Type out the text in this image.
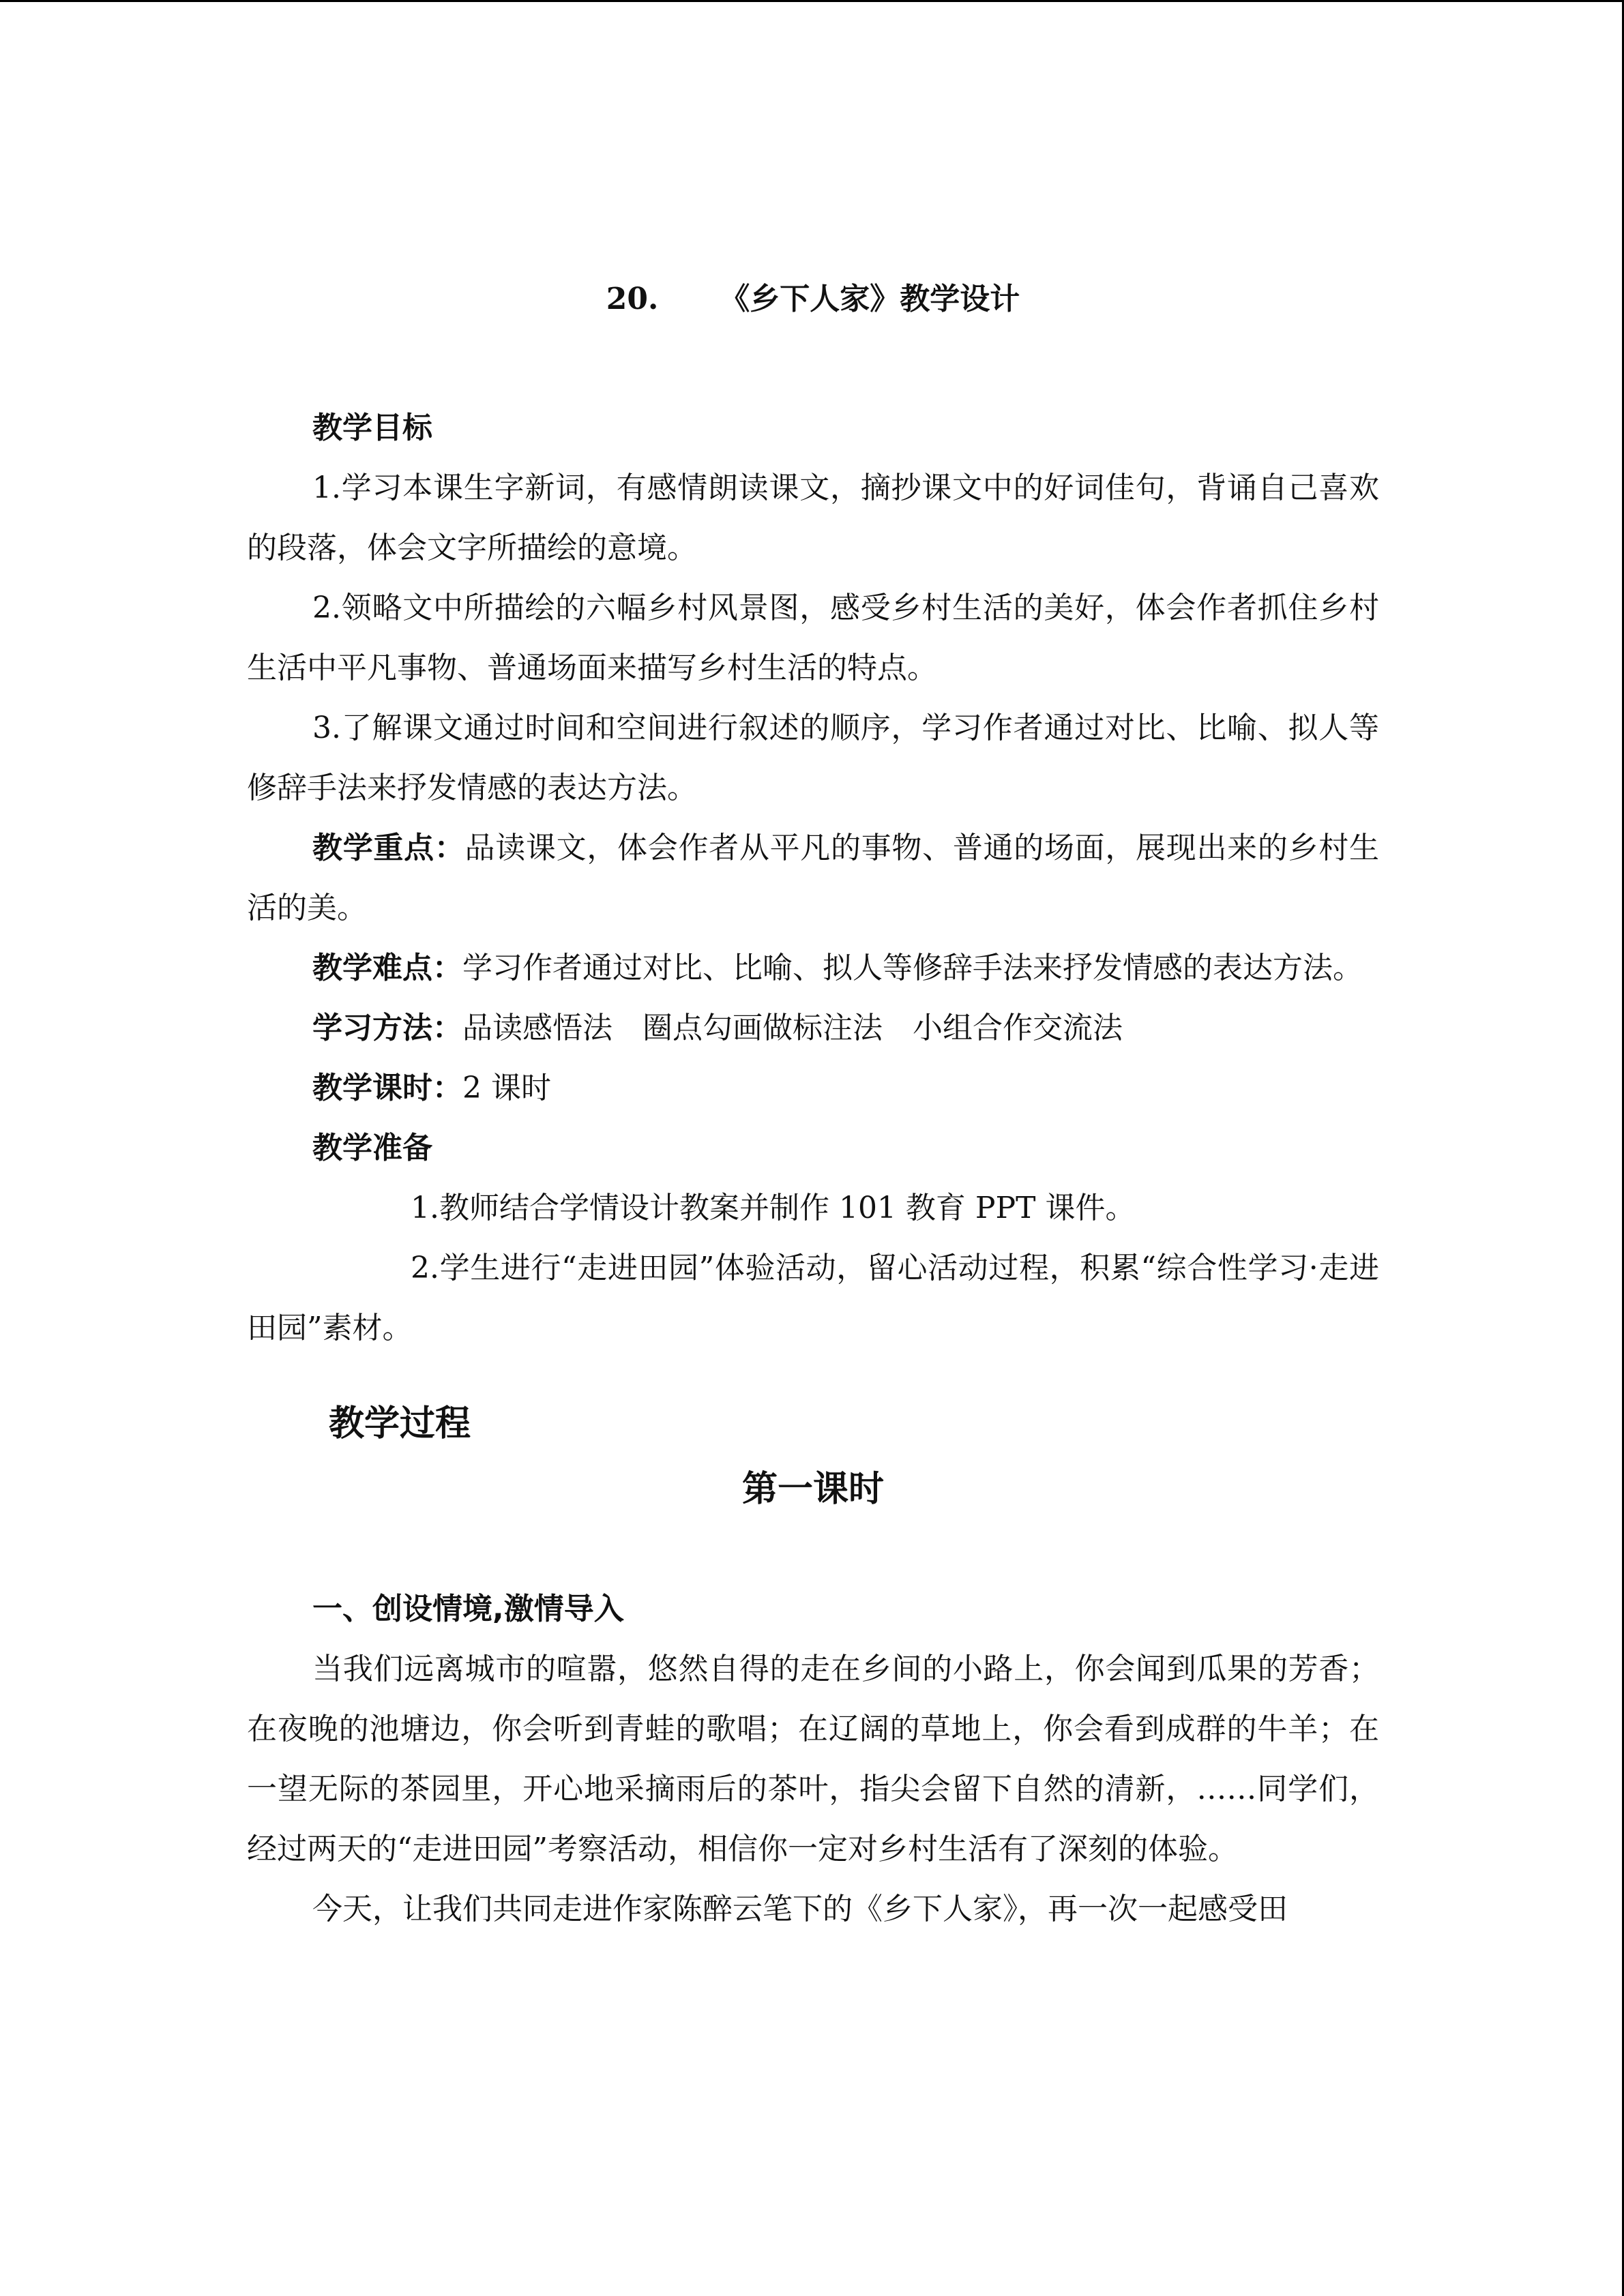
20. 《乡下人家》教学设计

教学目标

1.学习本课生字新词，有感情朗读课文，摘抄课文中的好词佳句，背诵自己喜欢的段落，体会文字所描绘的意境。

2.领略文中所描绘的六幅乡村风景图，感受乡村生活的美好，体会作者抓住乡村生活中平凡事物、普通场面来描写乡村生活的特点。

3.了解课文通过时间和空间进行叙述的顺序，学习作者通过对比、比喻、拟人等修辞手法来抒发情感的表达方法。

教学重点：品读课文，体会作者从平凡的事物、普通的场面，展现出来的乡村生活的美。

教学难点：学习作者通过对比、比喻、拟人等修辞手法来抒发情感的表达方法。

学习方法：品读感悟法　圈点勾画做标注法　小组合作交流法

教学课时：2 课时

教学准备

1.教师结合学情设计教案并制作 101 教育 PPT 课件。

2.学生进行“走进田园”体验活动，留心活动过程，积累“综合性学习·走进田园”素材。

教学过程
第一课时

一、创设情境,激情导入

当我们远离城市的喧嚣，悠然自得的走在乡间的小路上，你会闻到瓜果的芳香；在夜晚的池塘边，你会听到青蛙的歌唱；在辽阔的草地上，你会看到成群的牛羊；在一望无际的茶园里，开心地采摘雨后的茶叶，指尖会留下自然的清新，……同学们，经过两天的“走进田园”考察活动，相信你一定对乡村生活有了深刻的体验。

今天，让我们共同走进作家陈醉云笔下的《乡下人家》，再一次一起感受田
